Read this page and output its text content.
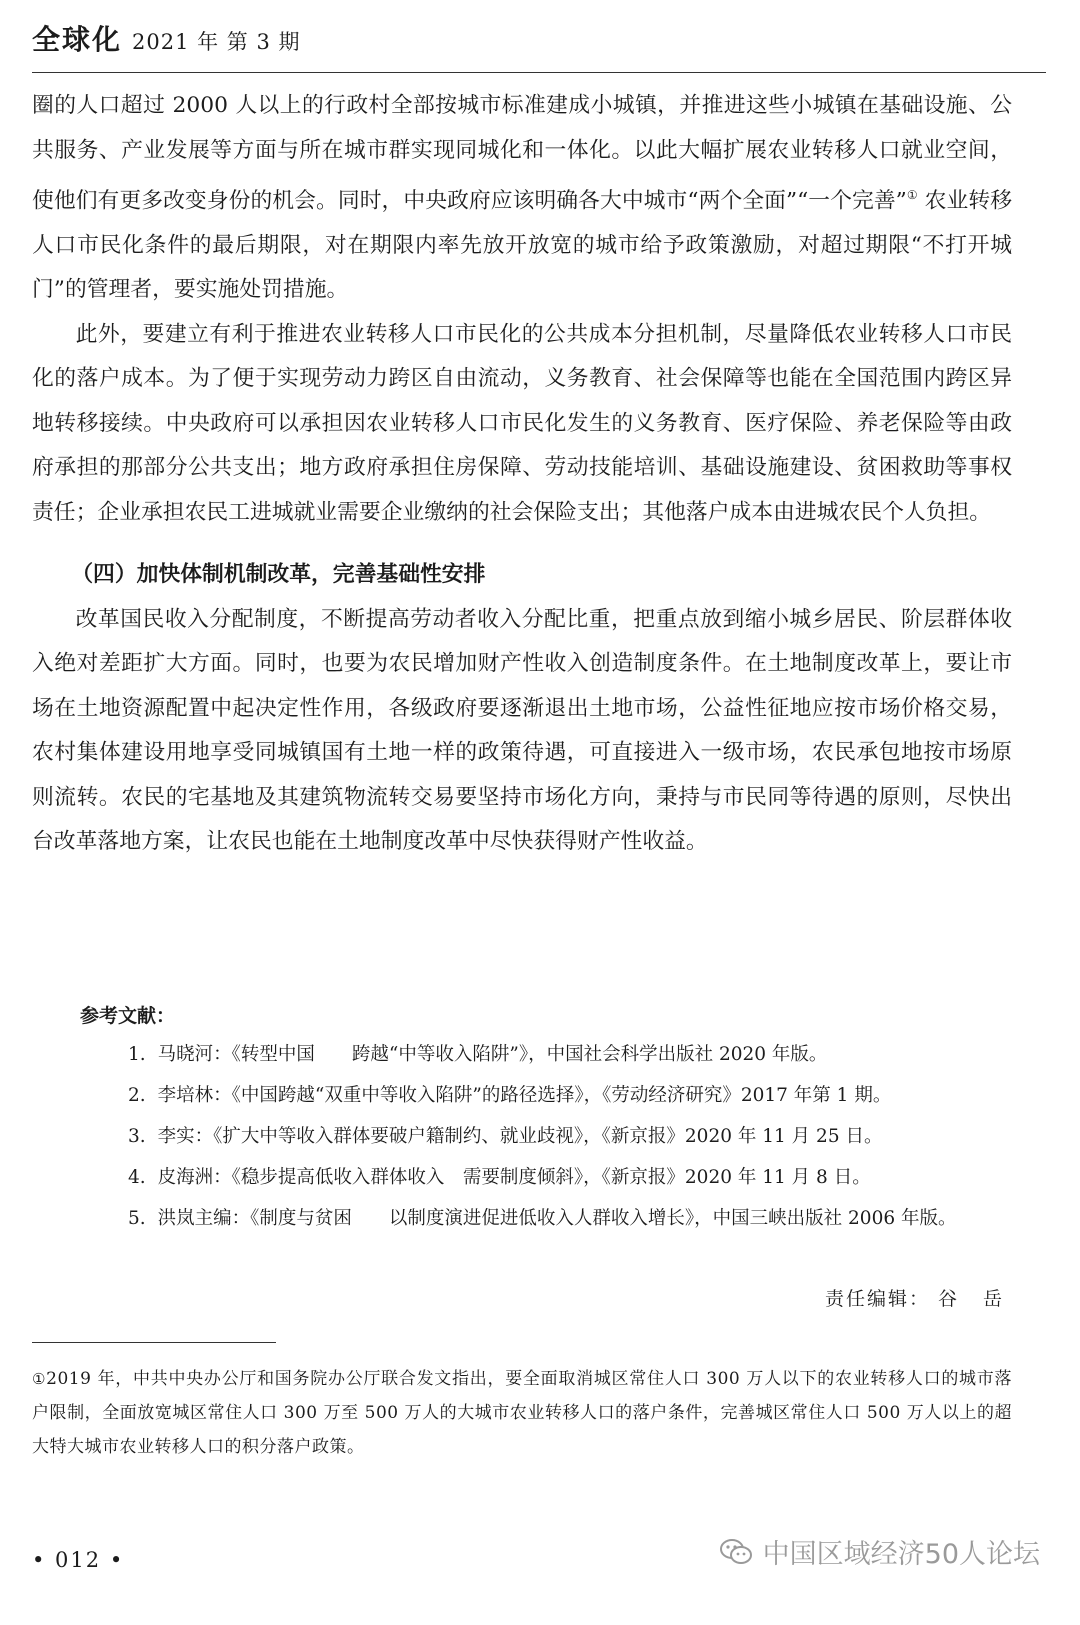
全球化 2021 年 第 3 期

圈的人口超过 2000 人以上的行政村全部按城市标准建成小城镇，并推进这些小城镇在基础设施、公共服务、产业发展等方面与所在城市群实现同城化和一体化。以此大幅扩展农业转移人口就业空间，使他们有更多改变身份的机会。同时，中央政府应该明确各大中城市“两个全面”“一个完善”① 农业转移人口市民化条件的最后期限，对在期限内率先放开放宽的城市给予政策激励，对超过期限“不打开城门”的管理者，要实施处罚措施。

此外，要建立有利于推进农业转移人口市民化的公共成本分担机制，尽量降低农业转移人口市民化的落户成本。为了便于实现劳动力跨区自由流动，义务教育、社会保障等也能在全国范围内跨区异地转移接续。中央政府可以承担因农业转移人口市民化发生的义务教育、医疗保险、养老保险等由政府承担的那部分公共支出；地方政府承担住房保障、劳动技能培训、基础设施建设、贫困救助等事权责任；企业承担农民工进城就业需要企业缴纳的社会保险支出；其他落户成本由进城农民个人负担。

（四）加快体制机制改革，完善基础性安排

改革国民收入分配制度，不断提高劳动者收入分配比重，把重点放到缩小城乡居民、阶层群体收入绝对差距扩大方面。同时，也要为农民增加财产性收入创造制度条件。在土地制度改革上，要让市场在土地资源配置中起决定性作用，各级政府要逐渐退出土地市场，公益性征地应按市场价格交易，农村集体建设用地享受同城镇国有土地一样的政策待遇，可直接进入一级市场，农民承包地按市场原则流转。农民的宅基地及其建筑物流转交易要坚持市场化方向，秉持与市民同等待遇的原则，尽快出台改革落地方案，让农民也能在土地制度改革中尽快获得财产性收益。

参考文献：
1. 马晓河：《转型中国　　跨越“中等收入陷阱”》，中国社会科学出版社 2020 年版。
2. 李培林：《中国跨越“双重中等收入陷阱”的路径选择》，《劳动经济研究》2017 年第 1 期。
3. 李实：《扩大中等收入群体要破户籍制约、就业歧视》，《新京报》2020 年 11 月 25 日。
4. 皮海洲：《稳步提高低收入群体收入　需要制度倾斜》，《新京报》2020 年 11 月 8 日。
5. 洪岚主编：《制度与贫困　　以制度演进促进低收入人群收入增长》，中国三峡出版社 2006 年版。
责任编辑： 谷 岳
①2019 年，中共中央办公厅和国务院办公厅联合发文指出，要全面取消城区常住人口 300 万人以下的农业转移人口的城市落户限制，全面放宽城区常住人口 300 万至 500 万人的大城市农业转移人口的落户条件，完善城区常住人口 500 万人以上的超大特大城市农业转移人口的积分落户政策。
• 012 •	中国区域经济50人论坛
